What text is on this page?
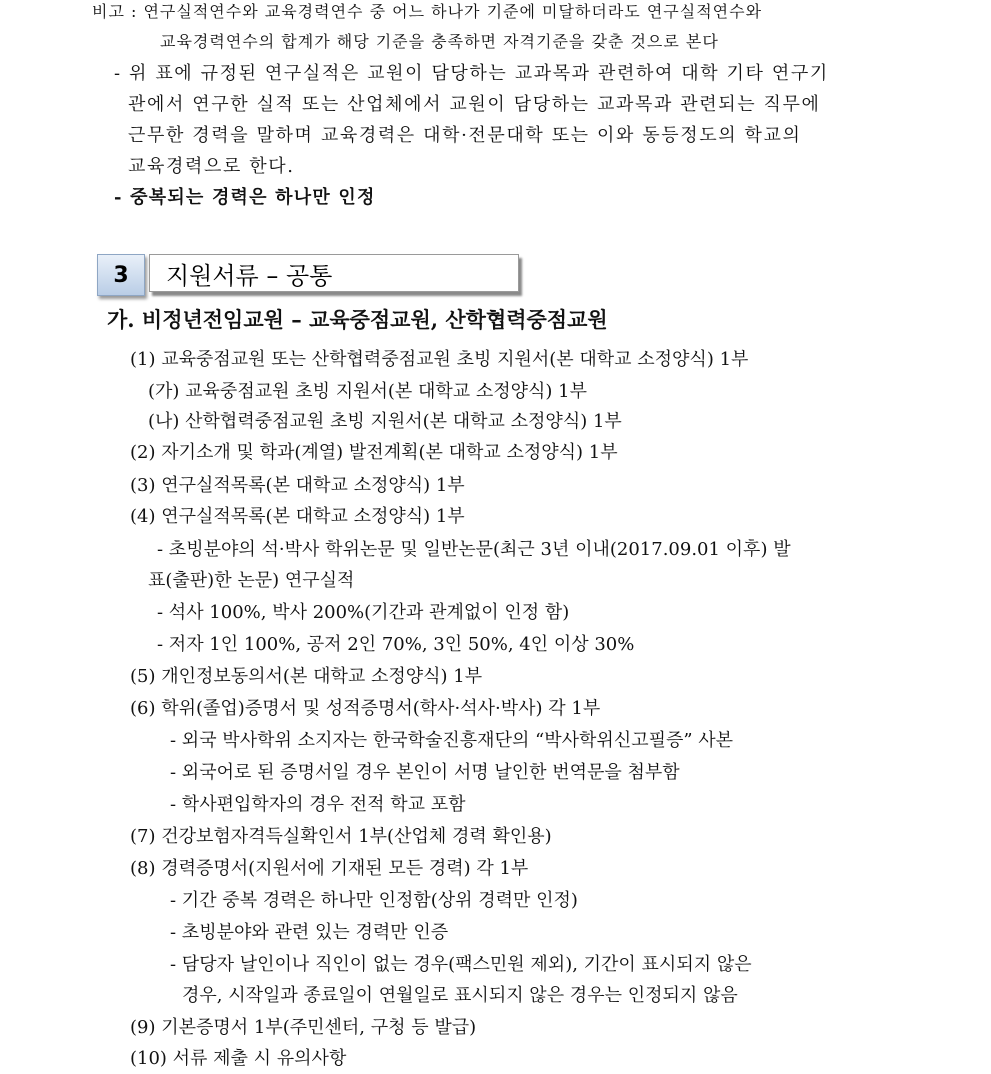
비고 : 연구실적연수와 교육경력연수 중 어느 하나가 기준에 미달하더라도 연구실적연수와
교육경력연수의 합계가 해당 기준을 충족하면 자격기준을 갖춘 것으로 본다
- 위 표에 규정된 연구실적은 교원이 담당하는 교과목과 관련하여 대학 기타 연구기
관에서 연구한 실적 또는 산업체에서 교원이 담당하는 교과목과 관련되는 직무에
근무한 경력을 말하며 교육경력은 대학·전문대학 또는 이와 동등정도의 학교의
교육경력으로 한다.
- 중복되는 경력은 하나만 인정
3	지원서류 – 공통
가. 비정년전임교원 – 교육중점교원, 산학협력중점교원
(1) 교육중점교원 또는 산학협력중점교원 초빙 지원서(본 대학교 소정양식) 1부
(가) 교육중점교원 초빙 지원서(본 대학교 소정양식) 1부
(나) 산학협력중점교원 초빙 지원서(본 대학교 소정양식) 1부
(2) 자기소개 및 학과(계열) 발전계획(본 대학교 소정양식) 1부
(3) 연구실적목록(본 대학교 소정양식) 1부
(4) 연구실적목록(본 대학교 소정양식) 1부
- 초빙분야의 석·박사 학위논문 및 일반논문(최근 3년 이내(2017.09.01 이후) 발
표(출판)한 논문) 연구실적
- 석사 100%, 박사 200%(기간과 관계없이 인정 함)
- 저자 1인 100%, 공저 2인 70%, 3인 50%, 4인 이상 30%
(5) 개인정보동의서(본 대학교 소정양식) 1부
(6) 학위(졸업)증명서 및 성적증명서(학사·석사·박사) 각 1부
- 외국 박사학위 소지자는 한국학술진흥재단의 “박사학위신고필증” 사본
- 외국어로 된 증명서일 경우 본인이 서명 날인한 번역문을 첨부함
- 학사편입학자의 경우 전적 학교 포함
(7) 건강보험자격득실확인서 1부(산업체 경력 확인용)
(8) 경력증명서(지원서에 기재된 모든 경력) 각 1부
- 기간 중복 경력은 하나만 인정함(상위 경력만 인정)
- 초빙분야와 관련 있는 경력만 인증
- 담당자 날인이나 직인이 없는 경우(팩스민원 제외), 기간이 표시되지 않은
경우, 시작일과 종료일이 연월일로 표시되지 않은 경우는 인정되지 않음
(9) 기본증명서 1부(주민센터, 구청 등 발급)
(10) 서류 제출 시 유의사항
